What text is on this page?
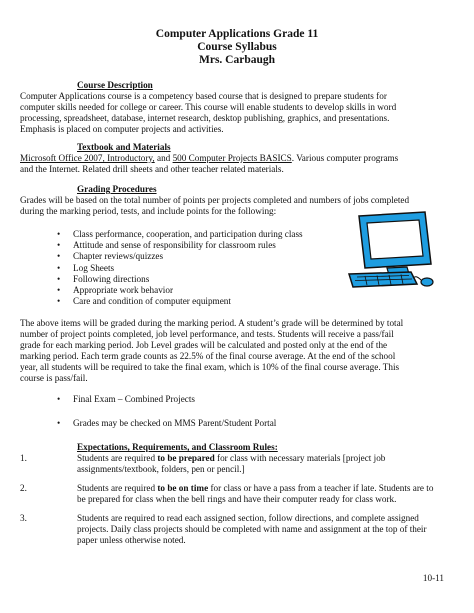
Computer Applications Grade 11
Course Syllabus
Mrs. Carbaugh
Course Description
Computer Applications course is a competency based course that is designed to prepare students for
computer skills needed for college or career. This course will enable students to develop skills in word
processing, spreadsheet, database, internet research, desktop publishing, graphics, and presentations.
Emphasis is placed on computer projects and activities.
Textbook and Materials
Microsoft Office 2007, Introductory, and 500 Computer Projects BASICS. Various computer programs
and the Internet. Related drill sheets and other teacher related materials.
Grading Procedures
Grades will be based on the total number of points per projects completed and numbers of jobs completed
during the marking period, tests, and include points for the following:
• Class performance, cooperation, and participation during class
• Attitude and sense of responsibility for classroom rules
• Chapter reviews/quizzes
• Log Sheets
• Following directions
• Appropriate work behavior
• Care and condition of computer equipment
The above items will be graded during the marking period. A student’s grade will be determined by total
number of project points completed, job level performance, and tests. Students will receive a pass/fail
grade for each marking period. Job Level grades will be calculated and posted only at the end of the
marking period. Each term grade counts as 22.5% of the final course average. At the end of the school
year, all students will be required to take the final exam, which is 10% of the final course average. This
course is pass/fail.
• Final Exam – Combined Projects
• Grades may be checked on MMS Parent/Student Portal
Expectations, Requirements, and Classroom Rules:
1.	Students are required to be prepared for class with necessary materials [project job
assignments/textbook, folders, pen or pencil.]
2.	Students are required to be on time for class or have a pass from a teacher if late. Students are to
be prepared for class when the bell rings and have their computer ready for class work.
3.	Students are required to read each assigned section, follow directions, and complete assigned
projects. Daily class projects should be completed with name and assignment at the top of their
paper unless otherwise noted.
10-11
